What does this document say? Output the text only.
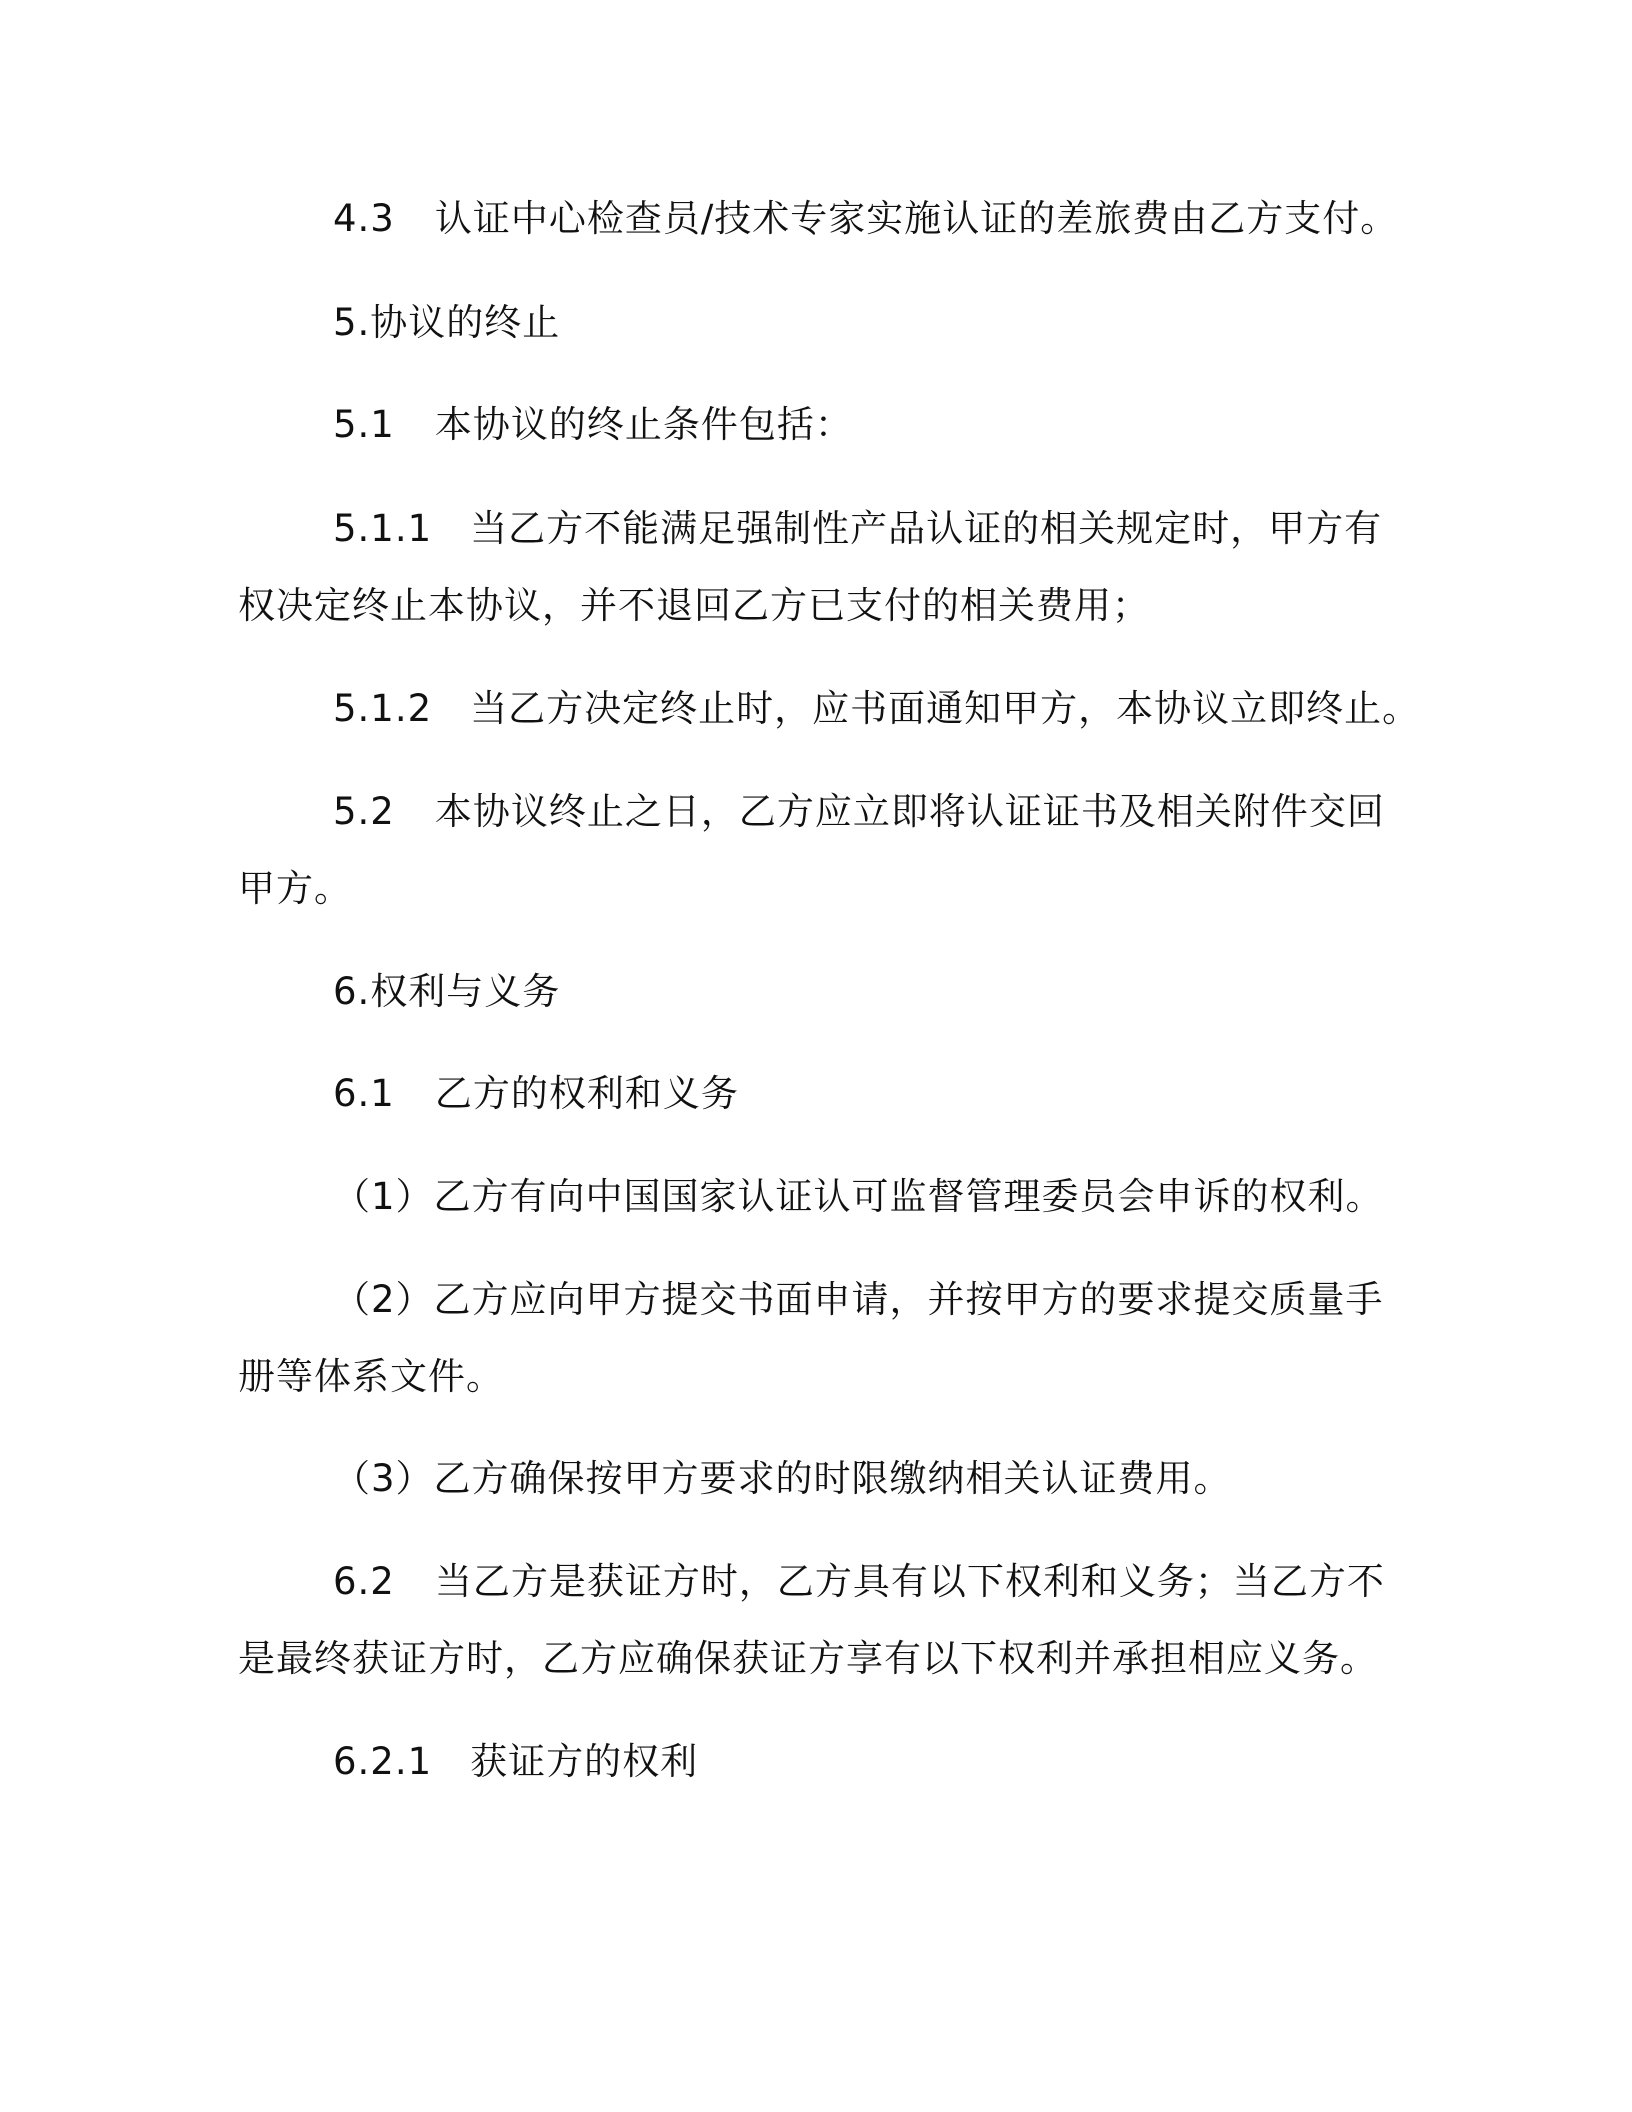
4.3 认证中心检查员/技术专家实施认证的差旅费由乙方支付。

5.协议的终止

5.1 本协议的终止条件包括：

5.1.1 当乙方不能满足强制性产品认证的相关规定时，甲方有

权决定终止本协议，并不退回乙方已支付的相关费用；

5.1.2 当乙方决定终止时，应书面通知甲方，本协议立即终止。

5.2 本协议终止之日，乙方应立即将认证证书及相关附件交回

甲方。

6.权利与义务

6.1 乙方的权利和义务

（1）乙方有向中国国家认证认可监督管理委员会申诉的权利。

（2）乙方应向甲方提交书面申请，并按甲方的要求提交质量手

册等体系文件。

（3）乙方确保按甲方要求的时限缴纳相关认证费用。

6.2 当乙方是获证方时，乙方具有以下权利和义务；当乙方不

是最终获证方时，乙方应确保获证方享有以下权利并承担相应义务。

6.2.1 获证方的权利
